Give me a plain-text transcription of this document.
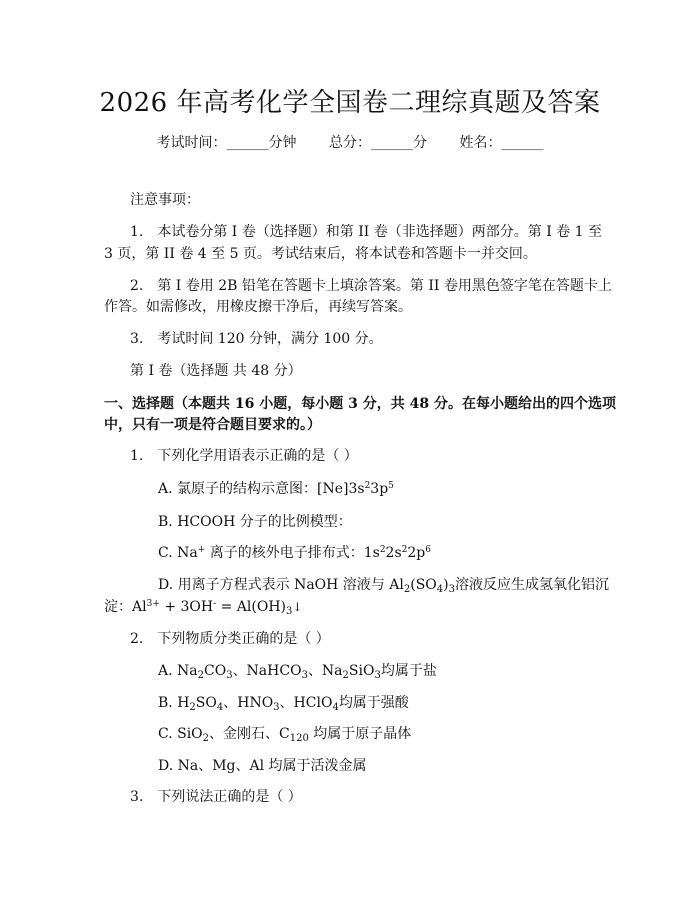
2026 年高考化学全国卷二理综真题及答案
考试时间：______分钟 总分：______分 姓名：______
注意事项：
1.　本试卷分第 I 卷（选择题）和第 II 卷（非选择题）两部分。第 I 卷 1 至
3 页，第 II 卷 4 至 5 页。考试结束后，将本试卷和答题卡一并交回。
2.　第 I 卷用 2B 铅笔在答题卡上填涂答案。第 II 卷用黑色签字笔在答题卡上
作答。如需修改，用橡皮擦干净后，再续写答案。
3.　考试时间 120 分钟，满分 100 分。
第 I 卷（选择题 共 48 分）
一、选择题（本题共 16 小题，每小题 3 分，共 48 分。在每小题给出的四个选项
中，只有一项是符合题目要求的。）
1.　下列化学用语表示正确的是（ ）
A. 氯原子的结构示意图：$[Ne]3s^23p^5$
B. HCOOH 分子的比例模型：
C. Na+ 离子的核外电子排布式：$1s^22s^22p^6$
D. 用离子方程式表示 NaOH 溶液与 $Al_2(SO_4)_3$溶液反应生成氢氧化铝沉
淀：$Al^{3+} + 3OH^-$ = $Al(OH)_3↓$
2.　下列物质分类正确的是（ ）
A. $Na_2CO_3$、NaHCO$_3$、$Na_2SiO_3$均属于盐
B. $H_2SO_4$、$HNO_3$、HClO$_4$均属于强酸
C. SiO$_2$、金刚石、$C_{120}$ 均属于原子晶体
D. Na、Mg、Al 均属于活泼金属
3.　下列说法正确的是（ ）
